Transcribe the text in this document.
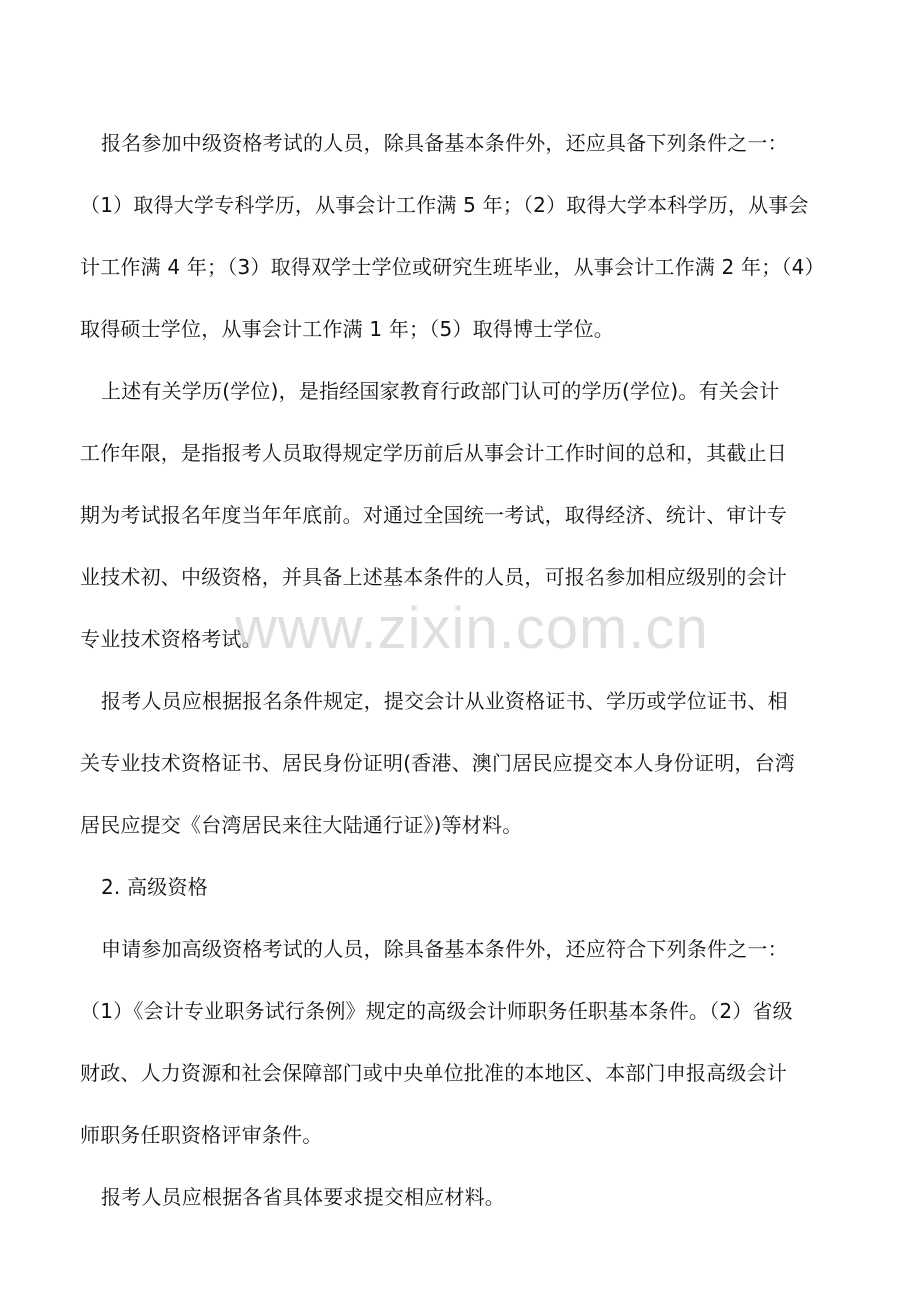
报名参加中级资格考试的人员，除具备基本条件外，还应具备下列条件之一：
（1）取得大学专科学历，从事会计工作满 5 年；（2）取得大学本科学历，从事会
计工作满 4 年；（3）取得双学士学位或研究生班毕业，从事会计工作满 2 年；（4）
取得硕士学位，从事会计工作满 1 年；（5）取得博士学位。

上述有关学历(学位)，是指经国家教育行政部门认可的学历(学位)。有关会计
工作年限，是指报考人员取得规定学历前后从事会计工作时间的总和，其截止日
期为考试报名年度当年年底前。对通过全国统一考试，取得经济、统计、审计专
业技术初、中级资格，并具备上述基本条件的人员，可报名参加相应级别的会计
专业技术资格考试。

报考人员应根据报名条件规定，提交会计从业资格证书、学历或学位证书、相
关专业技术资格证书、居民身份证明(香港、澳门居民应提交本人身份证明，台湾
居民应提交《台湾居民来往大陆通行证》)等材料。

2. 高级资格

申请参加高级资格考试的人员，除具备基本条件外，还应符合下列条件之一：
（1）《会计专业职务试行条例》规定的高级会计师职务任职基本条件。（2）省级
财政、人力资源和社会保障部门或中央单位批准的本地区、本部门申报高级会计
师职务任职资格评审条件。

报考人员应根据各省具体要求提交相应材料。

www.zixin.com.cn
